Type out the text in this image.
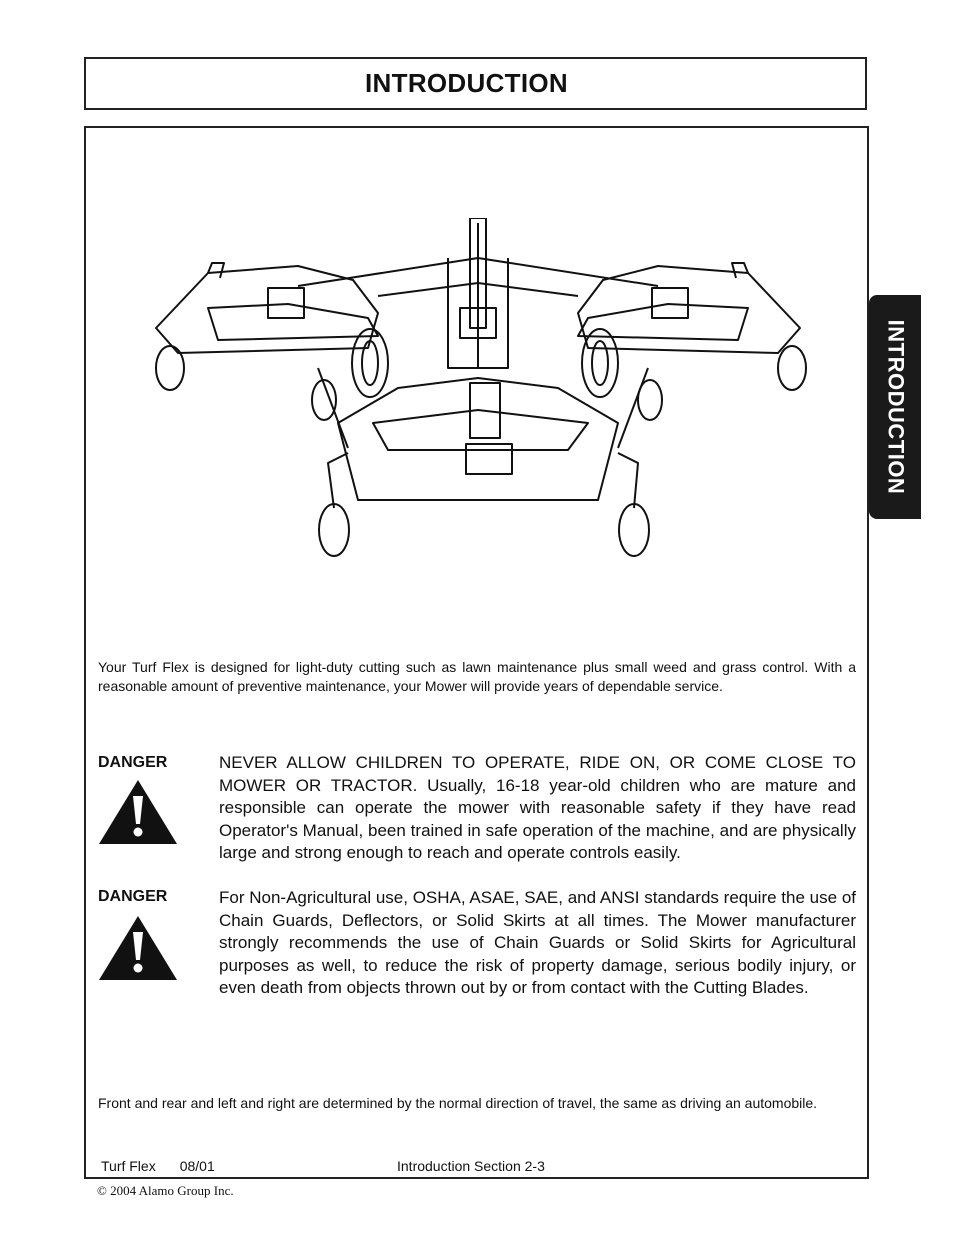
INTRODUCTION
INTRODUCTION

Your Turf Flex is designed for light-duty cutting such as lawn maintenance plus small weed and grass control. With a reasonable amount of preventive maintenance, your Mower will provide years of dependable service.

DANGER	NEVER ALLOW CHILDREN TO OPERATE, RIDE ON, OR COME CLOSE TO MOWER OR TRACTOR. Usually, 16-18 year-old children who are mature and responsible can operate the mower with reasonable safety if they have read Operator's Manual, been trained in safe operation of the machine, and are physically large and strong enough to reach and operate controls easily.

DANGER	For Non-Agricultural use, OSHA, ASAE, SAE, and ANSI standards require the use of Chain Guards, Deflectors, or Solid Skirts at all times. The Mower manufacturer strongly recommends the use of Chain Guards or Solid Skirts for Agricultural purposes as well, to reduce the risk of property damage, serious bodily injury, or even death from objects thrown out by or from contact with the Cutting Blades.

Front and rear and left and right are determined by the normal direction of travel, the same as driving an automobile.

Turf Flex 08/01	Introduction Section 2-3
© 2004 Alamo Group Inc.
